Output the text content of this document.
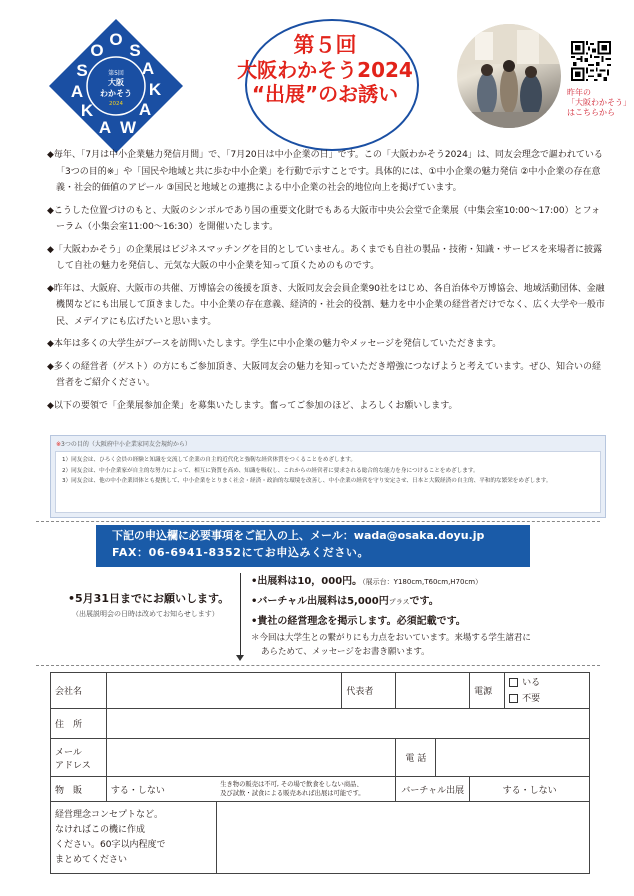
O
S
A
K
A
W
A
K
A
S
O
第5回
大阪
わかそう
2024
第５回
大阪わかそう2024
“出展”のお誘い	昨年の
「大阪わかそう」
はこちらから
◆ 毎年、「7月は中小企業魅力発信月間」で、「7月20日は中小企業の日」です。この「大阪わかそう2024」は、同友会理念で謳われている「3つの目的※」や「国民や地域と共に歩む中小企業」を行動で示すことです。具体的には、①中小企業の魅力発信 ②中小企業の存在意義・社会的価値のアピール ③国民と地域との連携による中小企業の社会的地位向上を掲げています。
◆ こうした位置づけのもと、大阪のシンボルであり国の重要文化財でもある大阪市中央公会堂で企業展（中集会室10:00～17:00）とフォーラム（小集会室11:00～16:30）を開催いたします。
◆ 「大阪わかそう」の企業展はビジネスマッチングを目的としていません。あくまでも自社の製品・技術・知識・サービスを来場者に披露して自社の魅力を発信し、元気な大阪の中小企業を知って頂くためのものです。
◆ 昨年は、大阪府、大阪市の共催、万博協会の後援を頂き、大阪同友会会員企業90社をはじめ、各自治体や万博協会、地域活動団体、金融機関などにも出展して頂きました。中小企業の存在意義、経済的・社会的役割、魅力を中小企業の経営者だけでなく、広く大学や一般市民、メデイアにも広げたいと思います。
◆ 本年は多くの大学生がブースを訪問いたします。学生に中小企業の魅力やメッセージを発信していただきます。
◆ 多くの経営者（ゲスト）の方にもご参加頂き、大阪同友会の魅力を知っていただき増強につなげようと考えています。ぜひ、知合いの経営者をご紹介ください。
◆ 以下の要領で「企業展参加企業」を募集いたします。奮ってご参加のほど、よろしくお願いします。
※3つの目的（大阪府中小企業家同友会規約から）
1）同友会は、ひろく会員の経験と知識を交流して企業の自主的近代化と強靭な経営体質をつくることをめざします。
2）同友会は、中小企業家が自主的な努力によって、相互に資質を高め、知識を吸収し、これからの経営者に要求される総合的な能力を身につけることをめざします。
3）同友会は、他の中小企業団体とも提携して、中小企業をとりまく社会・経済・政治的な環境を改善し、中小企業の経営を守り安定させ、日本と大阪経済の自主的、平和的な繁栄をめざします。
下記の申込欄に必要事項をご記入の上、メール：wada@osaka.doyu.jp
FAX：06-6941-8352にてお申込みください。
•5月31日までにお願いします。
（出展説明会の日時は改めてお知らせします）
•出展料は10，000円。（展示台：Y180cm,T60cm,H70cm）
•バーチャル出展料は5,000円プラスです。
•貴社の経営理念を掲示します。必須記載です。
＊今回は大学生との繋がりにも力点をおいています。来場する学生諸君に
あらためて、メッセージをお書き願います。
会社名			代表者			電源	いる
不要

住　所							

メール
アドレス				電 話			
物　販	する・しない	生き物の販売は不可, その場で飲食をしない商品、
及び試飲・試食による販売あれば出展は可能です。		バーチャル出展		する・しない	

経営理念コンセプトなど。
なければこの機に作成
ください。60字以内程度で
まとめてください							
